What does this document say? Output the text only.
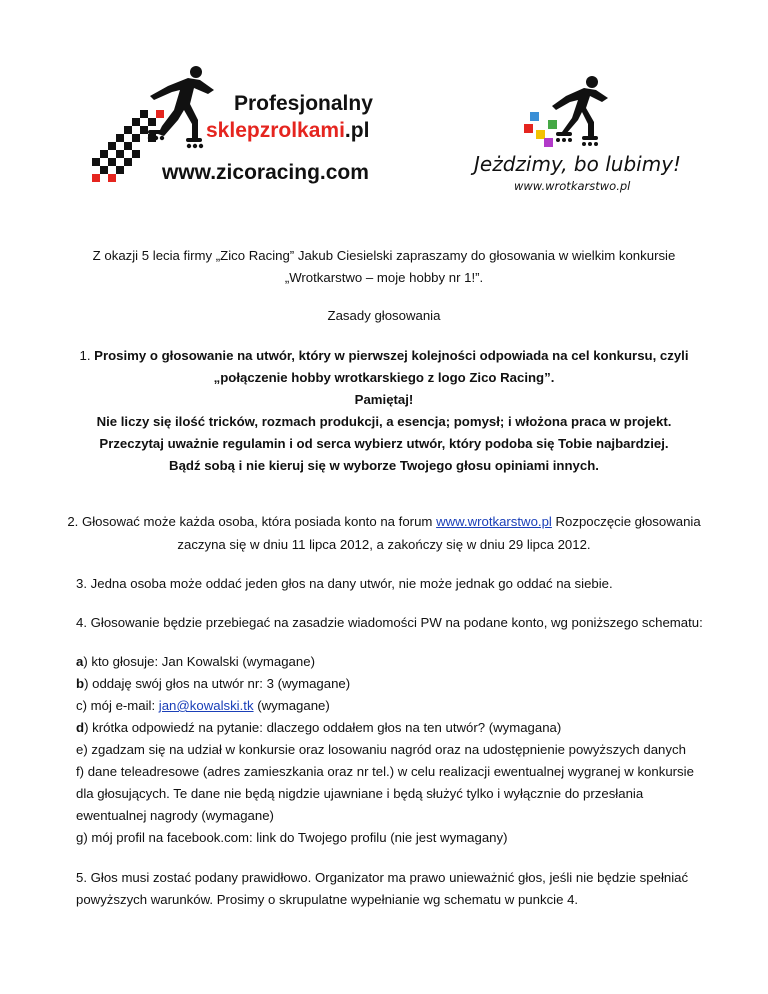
Profesjonalny
sklepzrolkami.pl
www.zicoracing.com	Jeżdzimy, bo lubimy!
www.wrotkarstwo.pl
Z okazji 5 lecia firmy „Zico Racing” Jakub Ciesielski zapraszamy do głosowania w wielkim konkursie
„Wrotkarstwo – moje hobby nr 1!”.
Zasady głosowania
1. Prosimy o głosowanie na utwór, który w pierwszej kolejności odpowiada na cel konkursu, czyli
„połączenie hobby wrotkarskiego z logo Zico Racing”.
Pamiętaj!
Nie liczy się ilość tricków, rozmach produkcji, a esencja; pomysł; i włożona praca w projekt.
Przeczytaj uważnie regulamin i od serca wybierz utwór, który podoba się Tobie najbardziej.
Bądź sobą i nie kieruj się w wyborze Twojego głosu opiniami innych.
2. Głosować może każda osoba, która posiada konto na forum www.wrotkarstwo.pl Rozpoczęcie głosowania
zaczyna się w dniu 11 lipca 2012, a zakończy się w dniu 29 lipca 2012.
3. Jedna osoba może oddać jeden głos na dany utwór, nie może jednak go oddać na siebie.
4. Głosowanie będzie przebiegać na zasadzie wiadomości PW na podane konto, wg poniższego schematu:
a) kto głosuje: Jan Kowalski (wymagane)
b) oddaję swój głos na utwór nr: 3 (wymagane)
c) mój e-mail: jan@kowalski.tk (wymagane)
d) krótka odpowiedź na pytanie: dlaczego oddałem głos na ten utwór? (wymagana)
e) zgadzam się na udział w konkursie oraz losowaniu nagród oraz na udostępnienie powyższych danych
f) dane teleadresowe (adres zamieszkania oraz nr tel.) w celu realizacji ewentualnej wygranej w konkursie
dla głosujących. Te dane nie będą nigdzie ujawniane i będą służyć tylko i wyłącznie do przesłania
ewentualnej nagrody (wymagane)
g) mój profil na facebook.com: link do Twojego profilu (nie jest wymagany)
5. Głos musi zostać podany prawidłowo. Organizator ma prawo unieważnić głos, jeśli nie będzie spełniać
powyższych warunków. Prosimy o skrupulatne wypełnianie wg schematu w punkcie 4.
